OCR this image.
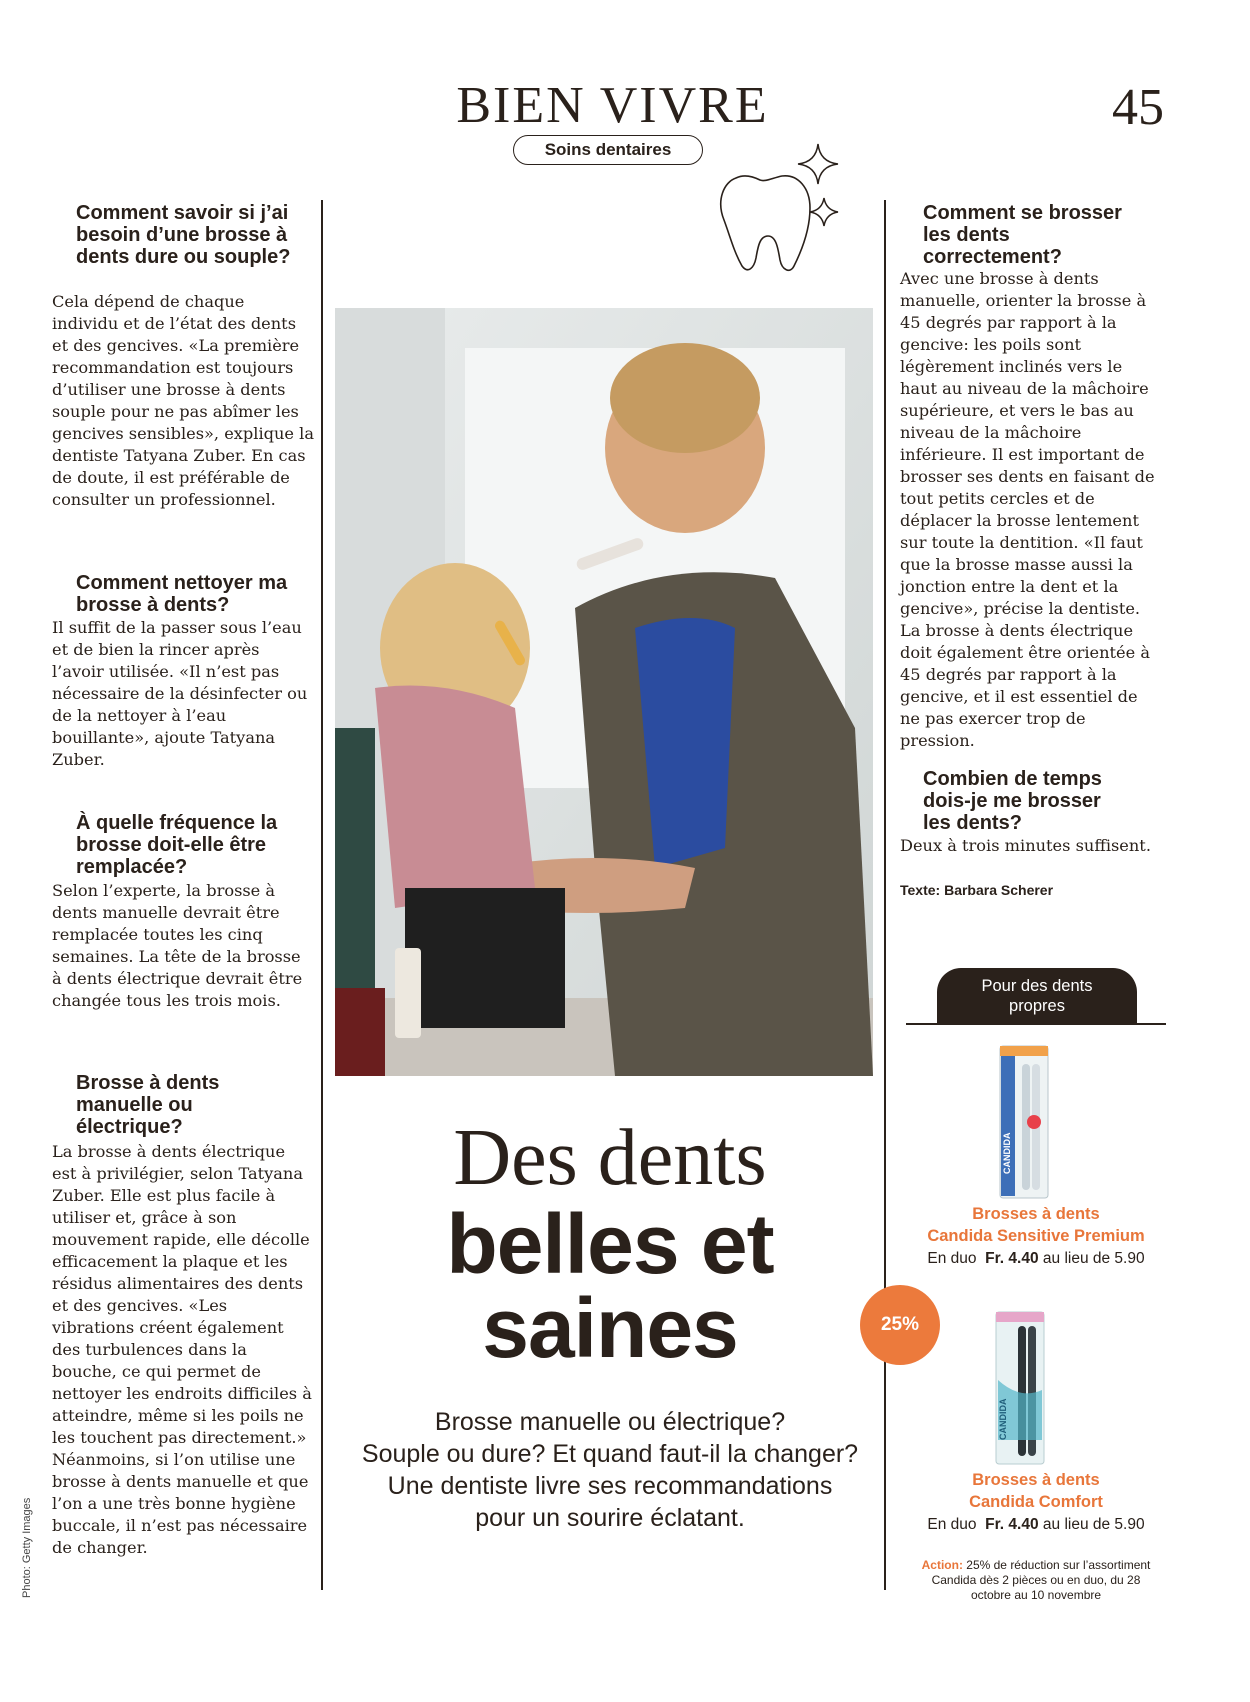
BIEN VIVRE	45
Soins dentaires
Comment savoir si j’ai besoin d’une brosse à dents dure ou souple?
Cela dépend de chaque individu et de l’état des dents et des gencives. «La première recommandation est toujours d’utiliser une brosse à dents souple pour ne pas abîmer les gencives sensibles», explique la dentiste Tatyana Zuber. En cas de doute, il est préférable de consulter un professionnel.
Comment nettoyer ma brosse à dents?
Il suffit de la passer sous l’eau et de bien la rincer après l’avoir utilisée. «Il n’est pas nécessaire de la désinfecter ou de la nettoyer à l’eau bouillante», ajoute Tatyana Zuber.
À quelle fréquence la brosse doit-elle être remplacée?
Selon l’experte, la brosse à dents manuelle devrait être remplacée toutes les cinq semaines. La tête de la brosse à dents électrique devrait être changée tous les trois mois.
Brosse à dents manuelle ou électrique?
La brosse à dents électrique est à privilégier, selon Tatyana Zuber. Elle est plus facile à utiliser et, grâce à son mouvement rapide, elle décolle efficacement la plaque et les résidus alimentaires des dents et des gencives. «Les vibrations créent également des turbulences dans la bouche, ce qui permet de nettoyer les endroits difficiles à atteindre, même si les poils ne les touchent pas directement.» Néanmoins, si l’on utilise une brosse à dents manuelle et que l’on a une très bonne hygiène buccale, il n’est pas nécessaire de changer.
Des dents
belles et
saines
Brosse manuelle ou électrique?
Souple ou dure? Et quand faut-il la changer?
Une dentiste livre ses recommandations
pour un sourire éclatant.
Comment se brosser les dents correctement?
Avec une brosse à dents manuelle, orienter la brosse à 45 degrés par rapport à la gencive: les poils sont légèrement inclinés vers le haut au niveau de la mâchoire supérieure, et vers le bas au niveau de la mâchoire inférieure. Il est important de brosser ses dents en faisant de tout petits cercles et de déplacer la brosse lentement sur toute la dentition. «Il faut que la brosse masse aussi la jonction entre la dent et la gencive», précise la dentiste. La brosse à dents électrique doit également être orientée à 45 degrés par rapport à la gencive, et il est essentiel de ne pas exercer trop de pression.
Combien de temps dois-je me brosser les dents?
Deux à trois minutes suffisent.
Texte: Barbara Scherer
Pour des dents
propres
CANDIDA
Brosses à dents
Candida Sensitive Premium
En duo Fr. 4.40 au lieu de 5.90
25%
CANDIDA
Brosses à dents
Candida Comfort
En duo Fr. 4.40 au lieu de 5.90
Action: 25% de réduction sur l’assortiment Candida dès 2 pièces ou en duo, du 28 octobre au 10 novembre
Photo: Getty Images
